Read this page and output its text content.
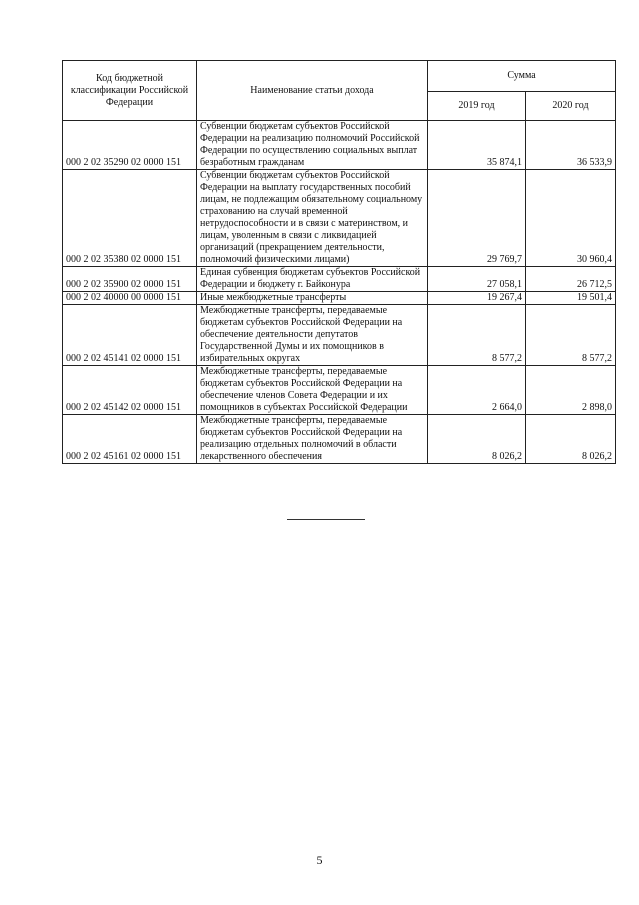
Код бюджетной классификации Российской Федерации	Наименование статьи дохода	Сумма	
		2019 год	2020 год
000 2 02 35290 02 0000 151	Субвенции бюджетам субъектов Российской Федерации на реализацию полномочий Российской Федерации по осуществлению социальных выплат безработным гражданам	35 874,1	36 533,9
000 2 02 35380 02 0000 151	Субвенции бюджетам субъектов Российской Федерации на выплату государственных пособий лицам, не подлежащим обязательному социальному страхованию на случай временной нетрудоспособности и в связи с материнством, и лицам, уволенным в связи с ликвидацией организаций (прекращением деятельности, полномочий физическими лицами)	29 769,7	30 960,4
000 2 02 35900 02 0000 151	Единая субвенция бюджетам субъектов Российской Федерации и бюджету г. Байконура	27 058,1	26 712,5
000 2 02 40000 00 0000 151	Иные межбюджетные трансферты	19 267,4	19 501,4
000 2 02 45141 02 0000 151	Межбюджетные трансферты, передаваемые бюджетам субъектов Российской Федерации на обеспечение деятельности депутатов Государственной Думы и их помощников в избирательных округах	8 577,2	8 577,2
000 2 02 45142 02 0000 151	Межбюджетные трансферты, передаваемые бюджетам субъектов Российской Федерации на обеспечение членов Совета Федерации и их помощников в субъектах Российской Федерации	2 664,0	2 898,0
000 2 02 45161 02 0000 151	Межбюджетные трансферты, передаваемые бюджетам субъектов Российской Федерации на реализацию отдельных полномочий в области лекарственного обеспечения	8 026,2	8 026,2
5
